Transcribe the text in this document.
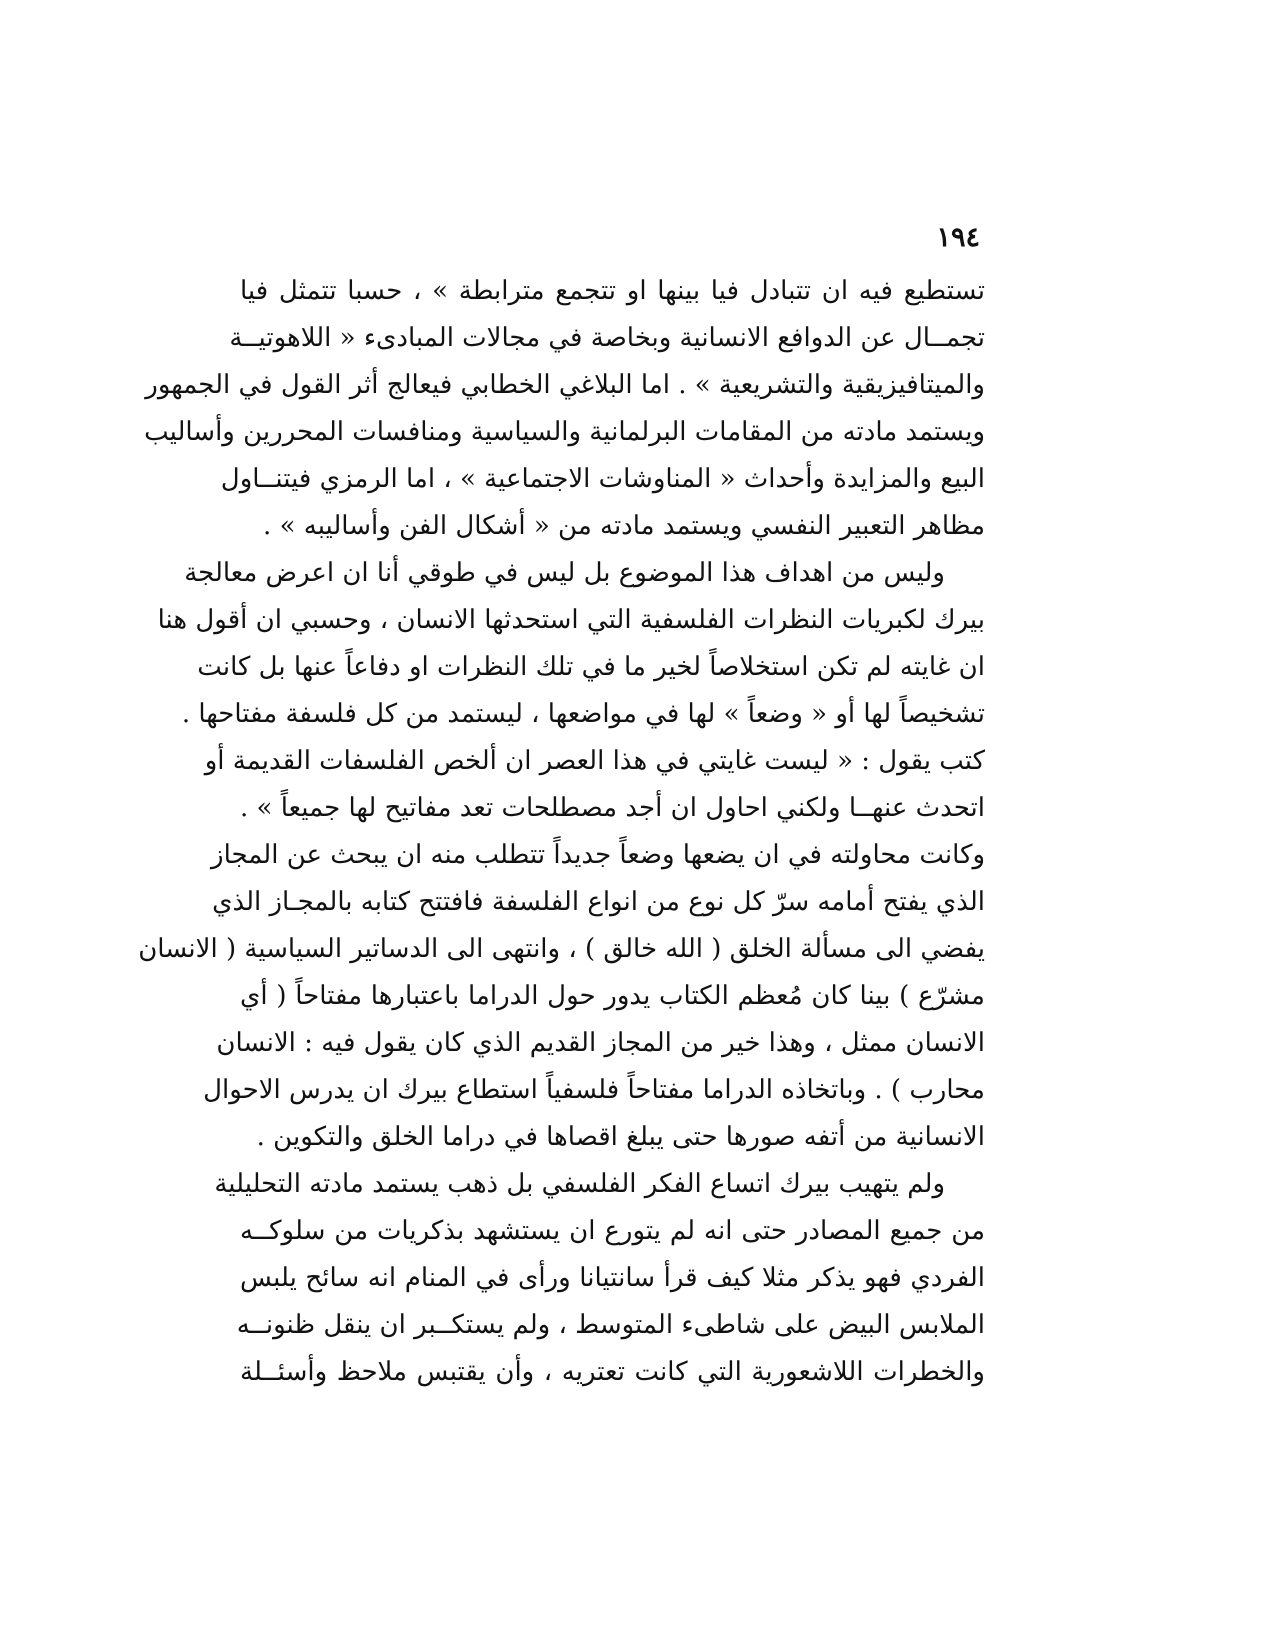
١٩٤
تستطيع فيه ان تتبادل فيا بينها او تتجمع مترابطة » ، حسبا تتمثل فيا
تجمــال عن الدوافع الانسانية وبخاصة في مجالات المبادىء « اللاهوتيــة
والميتافيزيقية والتشريعية » . اما البلاغي الخطابي فيعالج أثر القول في الجمهور
ويستمد مادته من المقامات البرلمانية والسياسية ومنافسات المحررين وأساليب
البيع والمزايدة وأحداث « المناوشات الاجتماعية » ، اما الرمزي فيتنــاول
مظاهر التعبير النفسي ويستمد مادته من « أشكال الفن وأساليبه » .
وليس من اهداف هذا الموضوع بل ليس في طوقي أنا ان اعرض معالجة
بيرك لكبريات النظرات الفلسفية التي استحدثها الانسان ، وحسبي ان أقول هنا
ان غايته لم تكن استخلاصاً لخير ما في تلك النظرات او دفاعاً عنها بل كانت
تشخيصاً لها أو « وضعاً » لها في مواضعها ، ليستمد من كل فلسفة مفتاحها .
كتب يقول : « ليست غايتي في هذا العصر ان ألخص الفلسفات القديمة أو
اتحدث عنهــا ولكني احاول ان أجد مصطلحات تعد مفاتيح لها جميعاً » .
وكانت محاولته في ان يضعها وضعاً جديداً تتطلب منه ان يبحث عن المجاز
الذي يفتح أمامه سرّ كل نوع من انواع الفلسفة فافتتح كتابه بالمجـاز الذي
يفضي الى مسألة الخلق ( الله خالق ) ، وانتهى الى الدساتير السياسية ( الانسان
مشرّع ) بينا كان مُعظم الكتاب يدور حول الدراما باعتبارها مفتاحاً ( أي
الانسان ممثل ، وهذا خير من المجاز القديم الذي كان يقول فيه : الانسان
محارب ) . وباتخاذه الدراما مفتاحاً فلسفياً استطاع بيرك ان يدرس الاحوال
الانسانية من أتفه صورها حتى يبلغ اقصاها في دراما الخلق والتكوين .
ولم يتهيب بيرك اتساع الفكر الفلسفي بل ذهب يستمد مادته التحليلية
من جميع المصادر حتى انه لم يتورع ان يستشهد بذكريات من سلوكــه
الفردي فهو يذكر مثلا كيف قرأ سانتيانا ورأى في المنام انه سائح يلبس
الملابس البيض على شاطىء المتوسط ، ولم يستكــبر ان ينقل ظنونــه
والخطرات اللاشعورية التي كانت تعتريه ، وأن يقتبس ملاحظ وأسئــلة
